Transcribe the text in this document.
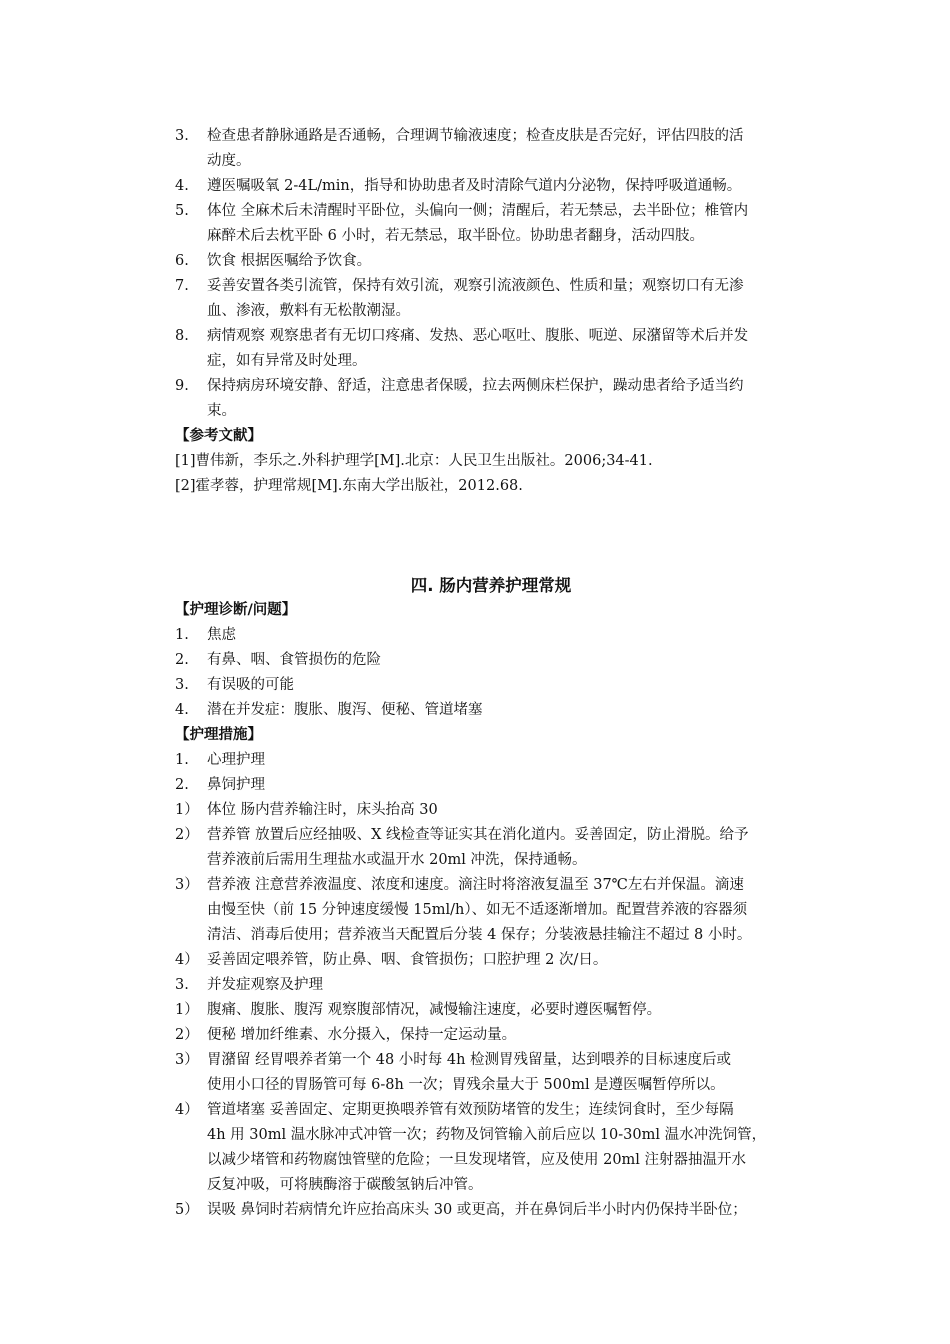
3. 检查患者静脉通路是否通畅，合理调节输液速度；检查皮肤是否完好，评估四肢的活
动度。
4. 遵医嘱吸氧 2-4L/min，指导和协助患者及时清除气道内分泌物，保持呼吸道通畅。
5. 体位 全麻术后未清醒时平卧位，头偏向一侧；清醒后，若无禁忌，去半卧位；椎管内
麻醉术后去枕平卧 6 小时，若无禁忌，取半卧位。协助患者翻身，活动四肢。
6. 饮食 根据医嘱给予饮食。
7. 妥善安置各类引流管，保持有效引流，观察引流液颜色、性质和量；观察切口有无渗
血、渗液，敷料有无松散潮湿。
8. 病情观察 观察患者有无切口疼痛、发热、恶心呕吐、腹胀、呃逆、尿潴留等术后并发
症，如有异常及时处理。
9. 保持病房环境安静、舒适，注意患者保暖，拉去两侧床栏保护，躁动患者给予适当约
束。
【参考文献】
[1]曹伟新，李乐之.外科护理学[M].北京：人民卫生出版社。2006;34-41.
[2]霍孝蓉，护理常规[M].东南大学出版社，2012.68.
四. 肠内营养护理常规
【护理诊断/问题】
1. 焦虑
2. 有鼻、咽、食管损伤的危险
3. 有误吸的可能
4. 潜在并发症：腹胀、腹泻、便秘、管道堵塞
【护理措施】
1. 心理护理
2. 鼻饲护理
1） 体位 肠内营养输注时，床头抬高 30
2） 营养管 放置后应经抽吸、X 线检查等证实其在消化道内。妥善固定，防止滑脱。给予
营养液前后需用生理盐水或温开水 20ml 冲洗，保持通畅。
3） 营养液 注意营养液温度、浓度和速度。滴注时将溶液复温至 37℃左右并保温。滴速
由慢至快（前 15 分钟速度缓慢 15ml/h）、如无不适逐渐增加。配置营养液的容器须
清洁、消毒后使用；营养液当天配置后分装 4 保存；分装液悬挂输注不超过 8 小时。
4） 妥善固定喂养管，防止鼻、咽、食管损伤；口腔护理 2 次/日。
3. 并发症观察及护理
1） 腹痛、腹胀、腹泻 观察腹部情况，减慢输注速度，必要时遵医嘱暂停。
2） 便秘 增加纤维素、水分摄入，保持一定运动量。
3） 胃潴留 经胃喂养者第一个 48 小时每 4h 检测胃残留量，达到喂养的目标速度后或
使用小口径的胃肠管可每 6-8h 一次；胃残余量大于 500ml 是遵医嘱暂停所以。
4） 管道堵塞 妥善固定、定期更换喂养管有效预防堵管的发生；连续饲食时，至少每隔
4h 用 30ml 温水脉冲式冲管一次；药物及饲管输入前后应以 10-30ml 温水冲洗饲管，
以减少堵管和药物腐蚀管壁的危险；一旦发现堵管，应及使用 20ml 注射器抽温开水
反复冲吸，可将胰酶溶于碳酸氢钠后冲管。
5） 误吸 鼻饲时若病情允许应抬高床头 30 或更高，并在鼻饲后半小时内仍保持半卧位；
